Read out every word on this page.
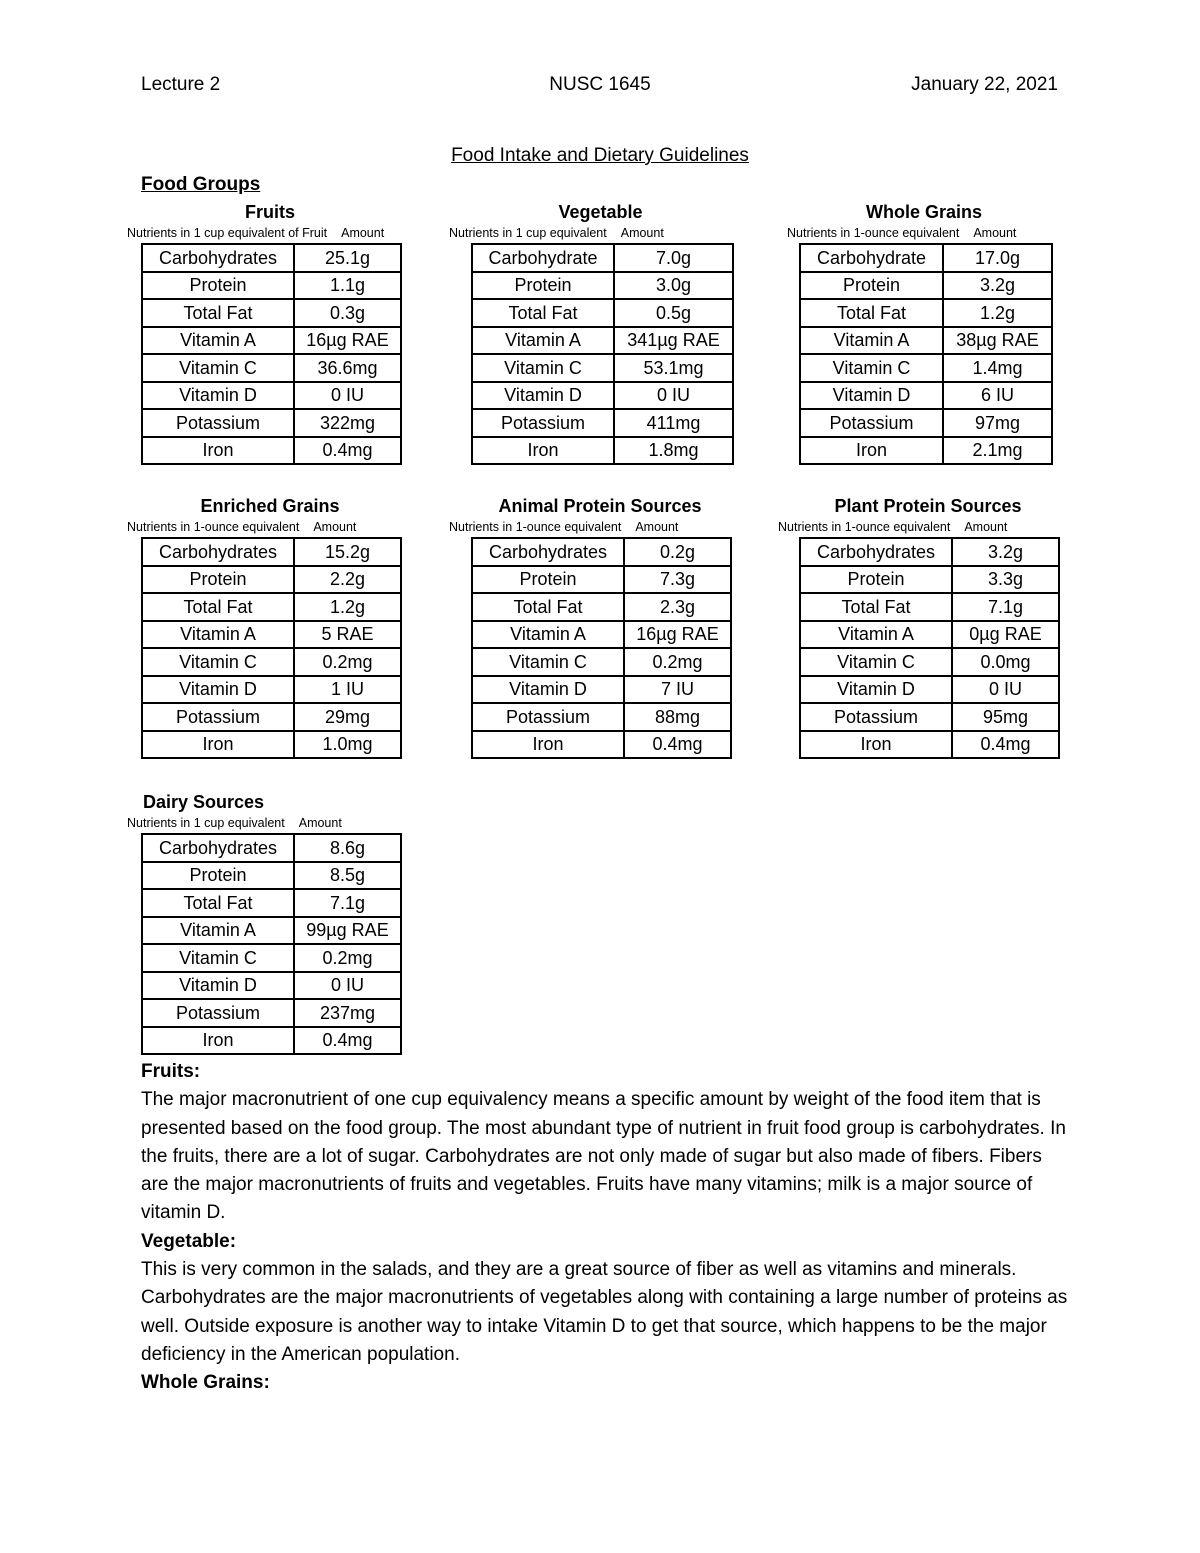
Lecture 2	NUSC 1645	January 22, 2021
Food Intake and Dietary Guidelines
Food Groups
Fruits
Nutrients in 1 cup equivalent of Fruit Amount
Carbohydrates	25.1g
Protein	1.1g
Total Fat	0.3g
Vitamin A	16µg RAE
Vitamin C	36.6mg
Vitamin D	0 IU
Potassium	322mg
Iron	0.4mg
Vegetable
Nutrients in 1 cup equivalent Amount
Carbohydrate	7.0g
Protein	3.0g
Total Fat	0.5g
Vitamin A	341µg RAE
Vitamin C	53.1mg
Vitamin D	0 IU
Potassium	411mg
Iron	1.8mg
Whole Grains
Nutrients in 1-ounce equivalent Amount
Carbohydrate	17.0g
Protein	3.2g
Total Fat	1.2g
Vitamin A	38µg RAE
Vitamin C	1.4mg
Vitamin D	6 IU
Potassium	97mg
Iron	2.1mg
Enriched Grains
Nutrients in 1-ounce equivalent Amount
Carbohydrates	15.2g
Protein	2.2g
Total Fat	1.2g
Vitamin A	5 RAE
Vitamin C	0.2mg
Vitamin D	1 IU
Potassium	29mg
Iron	1.0mg
Animal Protein Sources
Nutrients in 1-ounce equivalent Amount
Carbohydrates	0.2g
Protein	7.3g
Total Fat	2.3g
Vitamin A	16µg RAE
Vitamin C	0.2mg
Vitamin D	7 IU
Potassium	88mg
Iron	0.4mg
Plant Protein Sources
Nutrients in 1-ounce equivalent Amount
Carbohydrates	3.2g
Protein	3.3g
Total Fat	7.1g
Vitamin A	0µg RAE
Vitamin C	0.0mg
Vitamin D	0 IU
Potassium	95mg
Iron	0.4mg
Dairy Sources
Nutrients in 1 cup equivalent Amount
Carbohydrates	8.6g
Protein	8.5g
Total Fat	7.1g
Vitamin A	99µg RAE
Vitamin C	0.2mg
Vitamin D	0 IU
Potassium	237mg
Iron	0.4mg
Fruits:
The major macronutrient of one cup equivalency means a specific amount by weight of the food item that is presented based on the food group. The most abundant type of nutrient in fruit food group is carbohydrates. In the fruits, there are a lot of sugar. Carbohydrates are not only made of sugar but also made of fibers. Fibers are the major macronutrients of fruits and vegetables. Fruits have many vitamins; milk is a major source of vitamin D.
Vegetable:
This is very common in the salads, and they are a great source of fiber as well as vitamins and minerals. Carbohydrates are the major macronutrients of vegetables along with containing a large number of proteins as well. Outside exposure is another way to intake Vitamin D to get that source, which happens to be the major deficiency in the American population.
Whole Grains:
